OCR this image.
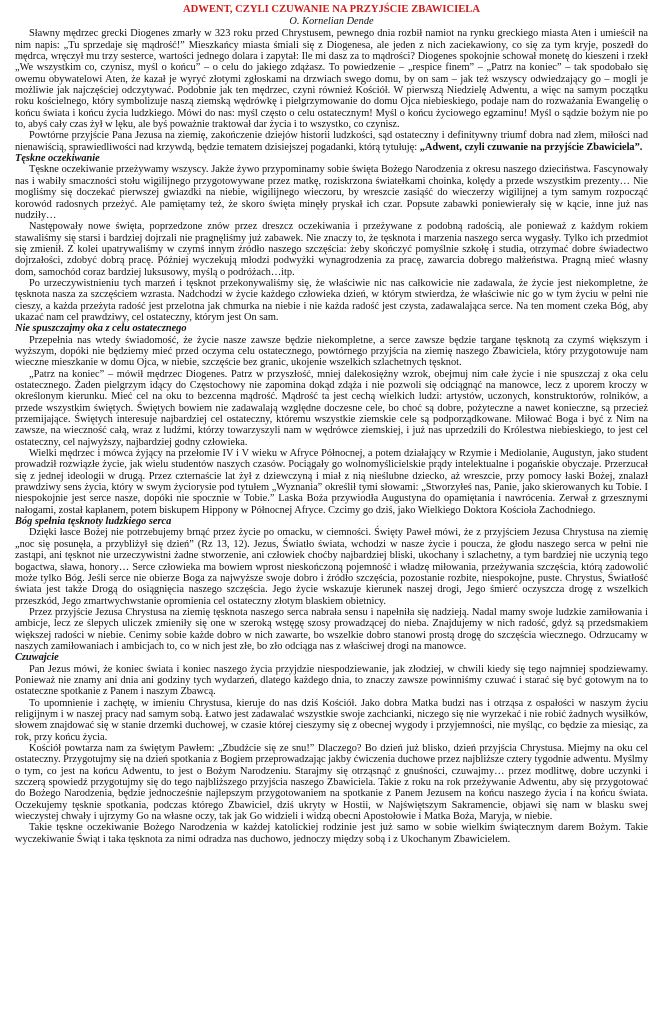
ADWENT, CZYLI CZUWANIE NA PRZYJŚCIE ZBAWICIELA
O. Kornelian Dende

Sławny mędrzec grecki Diogenes zmarły w 323 roku przed Chrystusem, pewnego dnia rozbił namiot na rynku greckiego miasta Aten i umieścił na nim napis: „Tu sprzedaje się mądrość!” Mieszkańcy miasta śmiali się z Diogenesa, ale jeden z nich zaciekawiony, co się za tym kryje, poszedł do mędrca, wręczył mu trzy sesterce, wartości jednego dolara i zapytał: Ile mi dasz za to mądrości? Diogenes spokojnie schował monetę do kieszeni i rzekł „We wszystkim co, czynisz, myśl o końcu” – o celu do jakiego zdążasz. To powiedzenie – „respice finem” – „Patrz na koniec” – tak spodobało się owemu obywatelowi Aten, że kazał je wyryć złotymi zgłoskami na drzwiach swego domu, by on sam – jak też wszyscy odwiedzający go – mogli je możliwie jak najczęściej odczytywać. Podobnie jak ten mędrzec, czyni również Kościół. W pierwszą Niedzielę Adwentu, a więc na samym początku roku kościelnego, który symbolizuje naszą ziemską wędrówkę i pielgrzymowanie do domu Ojca niebieskiego, podaje nam do rozważania Ewangelię o końcu świata i końcu życia ludzkiego. Mówi do nas: myśl często o celu ostatecznym! Myśl o końcu życiowego egzaminu! Myśl o sądzie bożym nie po to, abyś cały czas żył w lęku, ale byś poważnie traktował dar życia i to wszystko, co czynisz.

Powtórne przyjście Pana Jezusa na ziemię, zakończenie dziejów historii ludzkości, sąd ostateczny i definitywny triumf dobra nad złem, miłości nad nienawiścią, sprawiedliwości nad krzywdą, będzie tematem dzisiejszej pogadanki, którą tytułuję: „Adwent, czyli czuwanie na przyjście Zbawiciela”.

Tęskne oczekiwanie

Tęskne oczekiwanie przeżywamy wszyscy. Jakże żywo przypominamy sobie święta Bożego Narodzenia z okresu naszego dzieciństwa. Fascynowały nas i wabiły smaczności stołu wigilijnego przygotowywane przez matkę, roziskrzona światełkami choinka, kolędy a przede wszystkim prezenty… Nie mogliśmy się doczekać pierwszej gwiazdki na niebie, wigilijnego wieczoru, by wreszcie zasiąść do wieczerzy wigilijnej a tym samym rozpocząć korowód radosnych przeżyć. Ale pamiętamy też, że skoro święta minęły pryskał ich czar. Popsute zabawki poniewierały się w kącie, inne już nas nudziły…

Następowały nowe święta, poprzedzone znów przez dreszcz oczekiwania i przeżywane z podobną radością, ale ponieważ z każdym rokiem stawaliśmy się starsi i bardziej dojrzali nie pragnęliśmy już zabawek. Nie znaczy to, że tęsknota i marzenia naszego serca wygasły. Tylko ich przedmiot się zmienił. Z kolei upatrywaliśmy w czymś innym źródło naszego szczęścia: żeby skończyć pomyślnie szkołę i studia, otrzymać dobre świadectwo dojrzałości, zdobyć dobrą pracę. Później wyczekują młodzi podwyżki wynagrodzenia za pracę, zawarcia dobrego małżeństwa. Pragną mieć własny dom, samochód coraz bardziej luksusowy, myślą o podróżach…itp.

Po urzeczywistnieniu tych marzeń i tęsknot przekonywaliśmy się, że właściwie nic nas całkowicie nie zadawala, że życie jest niekompletne, że tęsknota nasza za szczęściem wzrasta. Nadchodzi w życie każdego człowieka dzień, w którym stwierdza, że właściwie nic go w tym życiu w pełni nie cieszy, a każda przeżyta radość jest przelotna jak chmurka na niebie i nie każda radość jest czysta, zadawalająca serce. Na ten moment czeka Bóg, aby ukazać nam cel prawdziwy, cel ostateczny, którym jest On sam.

Nie spuszczajmy oka z celu ostatecznego

Przepełnia nas wtedy świadomość, że życie nasze zawsze będzie niekompletne, a serce zawsze będzie targane tęsknotą za czymś większym i wyższym, dopóki nie będziemy mieć przed oczyma celu ostatecznego, powtórnego przyjścia na ziemię naszego Zbawiciela, który przygotowuje nam wieczne mieszkanie w domu Ojca, w niebie, szczęście bez granic, ukojenie wszelkich szlachetnych tęsknot.

„Patrz na koniec” – mówił mędrzec Diogenes. Patrz w przyszłość, mniej dalekosiężny wzrok, obejmuj nim całe życie i nie spuszczaj z oka celu ostatecznego. Żaden pielgrzym idący do Częstochowy nie zapomina dokąd zdąża i nie pozwoli się odciągnąć na manowce, lecz z uporem kroczy w określonym kierunku. Mieć cel na oku to bezcenna mądrość. Mądrość ta jest cechą wielkich ludzi: artystów, uczonych, konstruktorów, rolników, a przede wszystkim świętych. Świętych bowiem nie zadawalają względne doczesne cele, bo choć są dobre, pożyteczne a nawet konieczne, są przecież przemijające. Świętych interesuje najbardziej cel ostateczny, któremu wszystkie ziemskie cele są podporządkowane. Miłować Boga i być z Nim na zawsze, na wieczność całą, wraz z ludźmi, którzy towarzyszyli nam w wędrówce ziemskiej, i już nas uprzedzili do Królestwa niebieskiego, to jest cel ostateczny, cel najwyższy, najbardziej godny człowieka.

Wielki mędrzec i mówca żyjący na przełomie IV i V wieku w Afryce Północnej, a potem działający w Rzymie i Mediolanie, Augustyn, jako student prowadził rozwiązłe życie, jak wielu studentów naszych czasów. Pociągały go wolnomyślicielskie prądy intelektualne i pogańskie obyczaje. Przerzucał się z jednej ideologii w drugą. Przez czternaście lat żył z dziewczyną i miał z nią nieślubne dziecko, aż wreszcie, przy pomocy łaski Bożej, znalazł prawdziwy sens życia, który w swym życiorysie pod tytułem „Wyznania” określił tymi słowami: „Stworzyłeś nas, Panie, jako skierowanych ku Tobie. I niespokojnie jest serce nasze, dopóki nie spocznie w Tobie.” Laska Boża przywiodła Augustyna do opamiętania i nawrócenia. Zerwał z grzesznymi nałogami, został kapłanem, potem biskupem Hippony w Północnej Afryce. Czcimy go dziś, jako Wielkiego Doktora Kościoła Zachodniego.

Bóg spełnia tęsknoty ludzkiego serca

Dzięki łasce Bożej nie potrzebujemy brnąć przez życie po omacku, w ciemności. Święty Paweł mówi, że z przyjściem Jezusa Chrystusa na ziemię „noc się posunęła, a przybliżył się dzień” (Rz 13, 12). Jezus, Światło świata, wchodzi w nasze życie i poucza, że głodu naszego serca w pełni nie zastąpi, ani tęsknot nie urzeczywistni żadne stworzenie, ani człowiek choćby najbardziej bliski, ukochany i szlachetny, a tym bardziej nie uczynią tego bogactwa, sława, honory… Serce człowieka ma bowiem wprost nieskończoną pojemność i władzę miłowania, przeżywania szczęścia, którą zadowolić może tylko Bóg. Jeśli serce nie obierze Boga za najwyższe swoje dobro i źródło szczęścia, pozostanie rozbite, niespokojne, puste. Chrystus, Światłość świata jest także Drogą do osiągnięcia naszego szczęścia. Jego życie wskazuje kierunek naszej drogi, Jego śmierć oczyszcza drogę z wszelkich przeszkód, Jego zmartwychwstanie opromienia cel ostateczny złotym blaskiem obietnicy.

Przez przyjście Jezusa Chrystusa na ziemię tęsknota naszego serca nabrała sensu i napełniła się nadzieją. Nadal mamy swoje ludzkie zamiłowania i ambicje, lecz ze ślepych uliczek zmieniły się one w szeroką wstęgę szosy prowadzącej do nieba. Znajdujemy w nich radość, gdyż są przedsmakiem większej radości w niebie. Cenimy sobie każde dobro w nich zawarte, bo wszelkie dobro stanowi prostą drogę do szczęścia wiecznego. Odrzucamy w naszych zamiłowaniach i ambicjach to, co w nich jest złe, bo zło odciąga nas z właściwej drogi na manowce.

Czuwajcie

Pan Jezus mówi, że koniec świata i koniec naszego życia przyjdzie niespodziewanie, jak złodziej, w chwili kiedy się tego najmniej spodziewamy. Ponieważ nie znamy ani dnia ani godziny tych wydarzeń, dlatego każdego dnia, to znaczy zawsze powinniśmy czuwać i starać się być gotowym na to ostateczne spotkanie z Panem i naszym Zbawcą.

To upomnienie i zachętę, w imieniu Chrystusa, kieruje do nas dziś Kościół. Jako dobra Matka budzi nas i otrząsa z ospałości w naszym życiu religijnym i w naszej pracy nad samym sobą. Łatwo jest zadawalać wszystkie swoje zachcianki, niczego się nie wyrzekać i nie robić żadnych wysiłków, słowem znajdować się w stanie drzemki duchowej, w czasie której cieszymy się z obecnej wygody i przyjemności, nie myśląc, co będzie za miesiąc, za rok, przy końcu życia.

Kościół powtarza nam za świętym Pawłem: „Zbudźcie się ze snu!” Dlaczego? Bo dzień już blisko, dzień przyjścia Chrystusa. Miejmy na oku cel ostateczny. Przygotujmy się na dzień spotkania z Bogiem przeprowadzając jakby ćwiczenia duchowe przez najbliższe cztery tygodnie adwentu. Myślmy o tym, co jest na końcu Adwentu, to jest o Bożym Narodzeniu. Starajmy się otrząsnąć z gnuśności, czuwajmy… przez modlitwę, dobre uczynki i szczerą spowiedź przygotujmy się do tego najbliższego przyjścia naszego Zbawiciela. Takie z roku na rok przeżywanie Adwentu, aby się przygotować do Bożego Narodzenia, będzie jednocześnie najlepszym przygotowaniem na spotkanie z Panem Jezusem na końcu naszego życia i na końcu świata. Oczekujemy tęsknie spotkania, podczas którego Zbawiciel, dziś ukryty w Hostii, w Najświętszym Sakramencie, objawi się nam w blasku swej wieczystej chwały i ujrzymy Go na własne oczy, tak jak Go widzieli i widzą obecni Apostołowie i Matka Boża, Maryja, w niebie.

Takie tęskne oczekiwanie Bożego Narodzenia w każdej katolickiej rodzinie jest już samo w sobie wielkim świątecznym darem Bożym. Takie wyczekiwanie Świąt i taka tęsknota za nimi odradza nas duchowo, jednoczy między sobą i z Ukochanym Zbawicielem.
